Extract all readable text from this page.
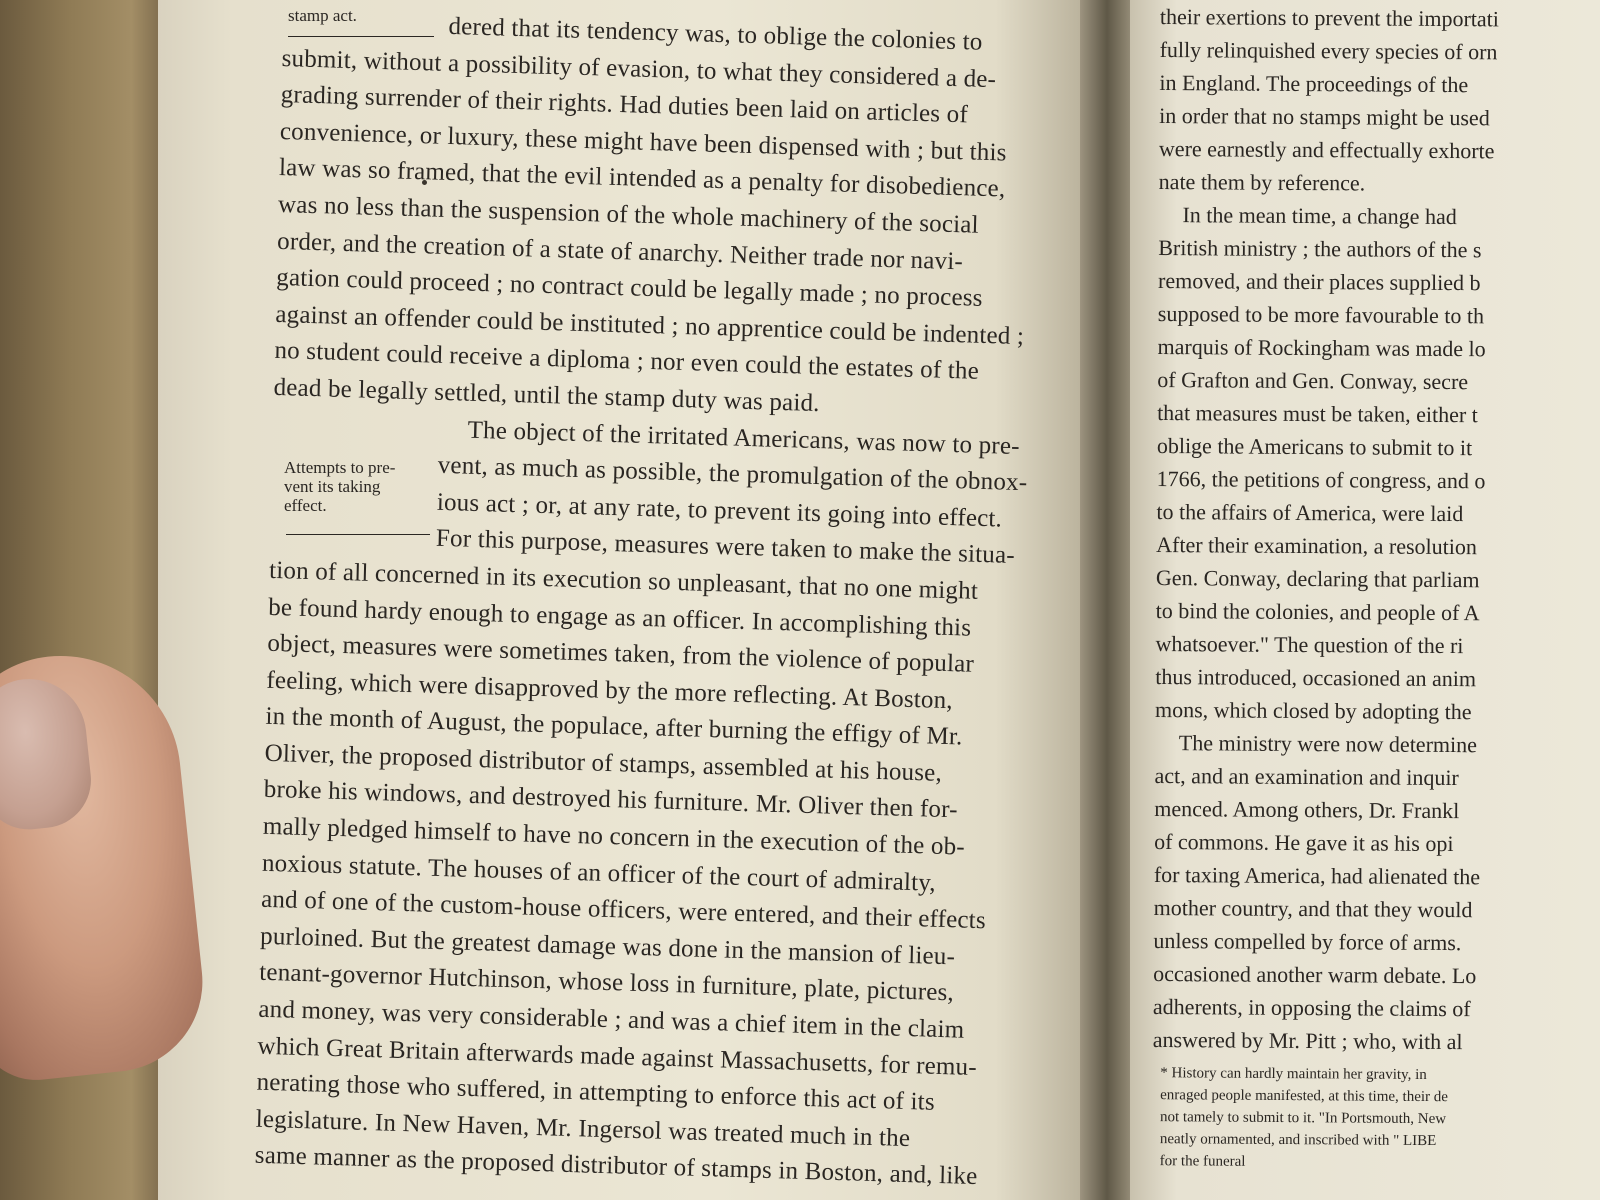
dered that its tendency was, to oblige the colonies to
submit, without a possibility of evasion, to what they considered a de-
grading surrender of their rights. Had duties been laid on articles of
convenience, or luxury, these might have been dispensed with ; but this
law was so framed, that the evil intended as a penalty for disobedience,
was no less than the suspension of the whole machinery of the social
order, and the creation of a state of anarchy. Neither trade nor navi-
gation could proceed ; no contract could be legally made ; no process
against an offender could be instituted ; no apprentice could be indented ;
no student could receive a diploma ; nor even could the estates of the
dead be legally settled, until the stamp duty was paid.
The object of the irritated Americans, was now to pre-
vent, as much as possible, the promulgation of the obnox-
ious act ; or, at any rate, to prevent its going into effect.
For this purpose, measures were taken to make the situa-
tion of all concerned in its execution so unpleasant, that no one might
be found hardy enough to engage as an officer. In accomplishing this
object, measures were sometimes taken, from the violence of popular
feeling, which were disapproved by the more reflecting. At Boston,
in the month of August, the populace, after burning the effigy of Mr.
Oliver, the proposed distributor of stamps, assembled at his house,
broke his windows, and destroyed his furniture. Mr. Oliver then for-
mally pledged himself to have no concern in the execution of the ob-
noxious statute. The houses of an officer of the court of admiralty,
and of one of the custom-house officers, were entered, and their effects
purloined. But the greatest damage was done in the mansion of lieu-
tenant-governor Hutchinson, whose loss in furniture, plate, pictures,
and money, was very considerable ; and was a chief item in the claim
which Great Britain afterwards made against Massachusetts, for remu-
nerating those who suffered, in attempting to enforce this act of its
legislature. In New Haven, Mr. Ingersol was treated much in the
same manner as the proposed distributor of stamps in Boston, and, like
stamp act.
Attempts to pre-
vent its taking
effect.
their exertions to prevent the importati
fully relinquished every species of orn
in England. The proceedings of the
in order that no stamps might be used
were earnestly and effectually exhorte
nate them by reference.
In the mean time, a change had
British ministry ; the authors of the s
removed, and their places supplied b
supposed to be more favourable to th
marquis of Rockingham was made lo
of Grafton and Gen. Conway, secre
that measures must be taken, either t
oblige the Americans to submit to it
1766, the petitions of congress, and o
to the affairs of America, were laid
After their examination, a resolution
Gen. Conway, declaring that parliam
to bind the colonies, and people of A
whatsoever." The question of the ri
thus introduced, occasioned an anim
mons, which closed by adopting the
The ministry were now determine
act, and an examination and inquir
menced. Among others, Dr. Frankl
of commons. He gave it as his opi
for taxing America, had alienated the
mother country, and that they would
unless compelled by force of arms.
occasioned another warm debate. Lo
adherents, in opposing the claims of
answered by Mr. Pitt ; who, with al
* History can hardly maintain her gravity, in
enraged people manifested, at this time, their de
not tamely to submit to it. "In Portsmouth, New
neatly ornamented, and inscribed with " LIBE
for the funeral
